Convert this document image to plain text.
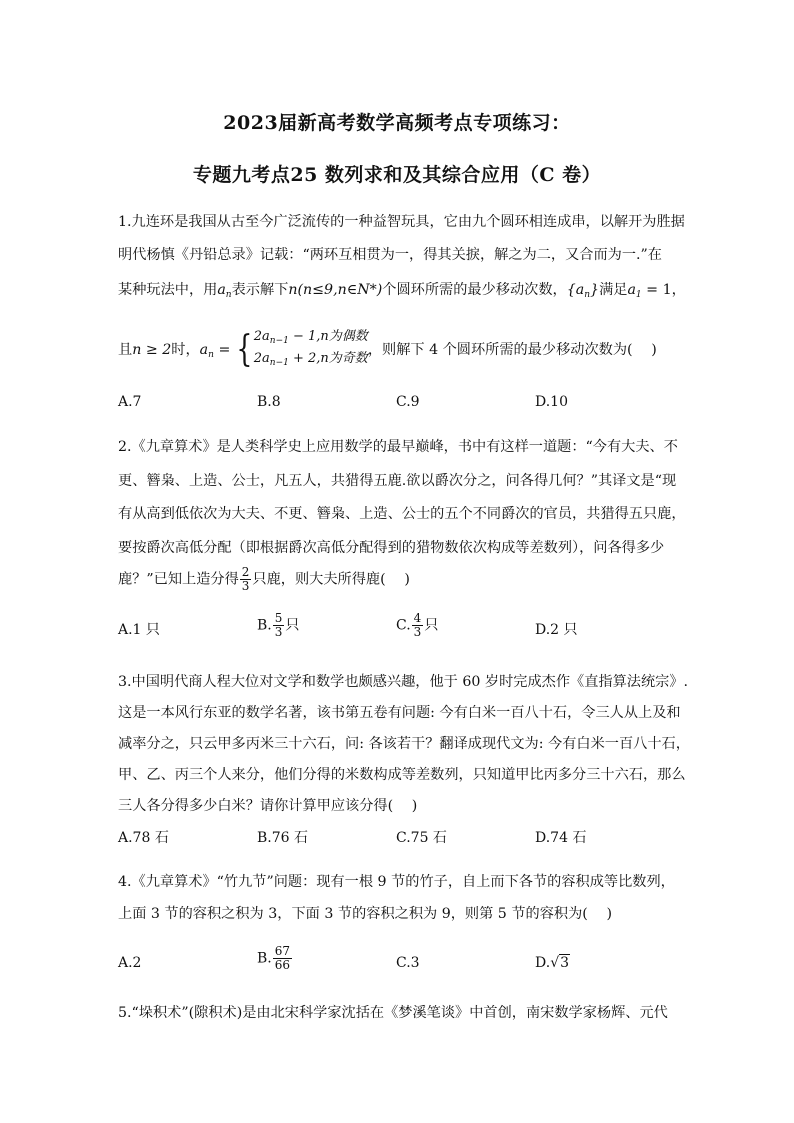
2023届新高考数学高频考点专项练习：
专题九考点25 数列求和及其综合应用（C 卷）
1.九连环是我国从古至今广泛流传的一种益智玩具，它由九个圆环相连成串，以解开为胜据
明代杨慎《丹铅总录》记载：“两环互相贯为一，得其关捩，解之为二，又合而为一.”在
某种玩法中，用$a_n$表示解下n(n≤9,n∈N*)个圆环所需的最少移动次数，$\{a_n\}$满足$a_1 = 1$，
且n ≥ 2时，$a_n$ = { $2a_{n-1} - 1,n$为偶数
$2a_{n-1} + 2,n$为奇数
，则解下 4 个圆环所需的最少移动次数为(　 )
A.7	B.8	C.9	D.10
2.《九章算术》是人类科学史上应用数学的最早巅峰，书中有这样一道题：“今有大夫、不
更、簪枭、上造、公士，凡五人，共猎得五鹿.欲以爵次分之，问各得几何？”其译文是“现
有从高到低依次为大夫、不更、簪枭、上造、公士的五个不同爵次的官员，共猎得五只鹿，
要按爵次高低分配（即根据爵次高低分配得到的猎物数依次构成等差数列），问各得多少
鹿？”已知上造分得 $\frac{2}{3}$ 只鹿，则大夫所得鹿(　 )
A.1 只	B. $\frac{5}{3}$ 只	C. $\frac{4}{3}$ 只	D.2 只
3.中国明代商人程大位对文学和数学也颇感兴趣，他于 60 岁时完成杰作《直指算法统宗》.
这是一本风行东亚的数学名著，该书第五卷有问题: 今有白米一百八十石，令三人从上及和
减率分之，只云甲多丙米三十六石，问: 各该若干？翻译成现代文为: 今有白米一百八十石，
甲、乙、丙三个人来分，他们分得的米数构成等差数列，只知道甲比丙多分三十六石，那么
三人各分得多少白米？请你计算甲应该分得(　 )
A.78 石	B.76 石	C.75 石	D.74 石
4.《九章算术》“竹九节”问题：现有一根 9 节的竹子，自上而下各节的容积成等比数列，
上面 3 节的容积之积为 3，下面 3 节的容积之积为 9，则第 5 节的容积为(　 )
A.2	B. $\frac{67}{66}$	C.3	D.√3
5.“垛积术”(隙积术)是由北宋科学家沈括在《梦溪笔谈》中首创，南宋数学家杨辉、元代
